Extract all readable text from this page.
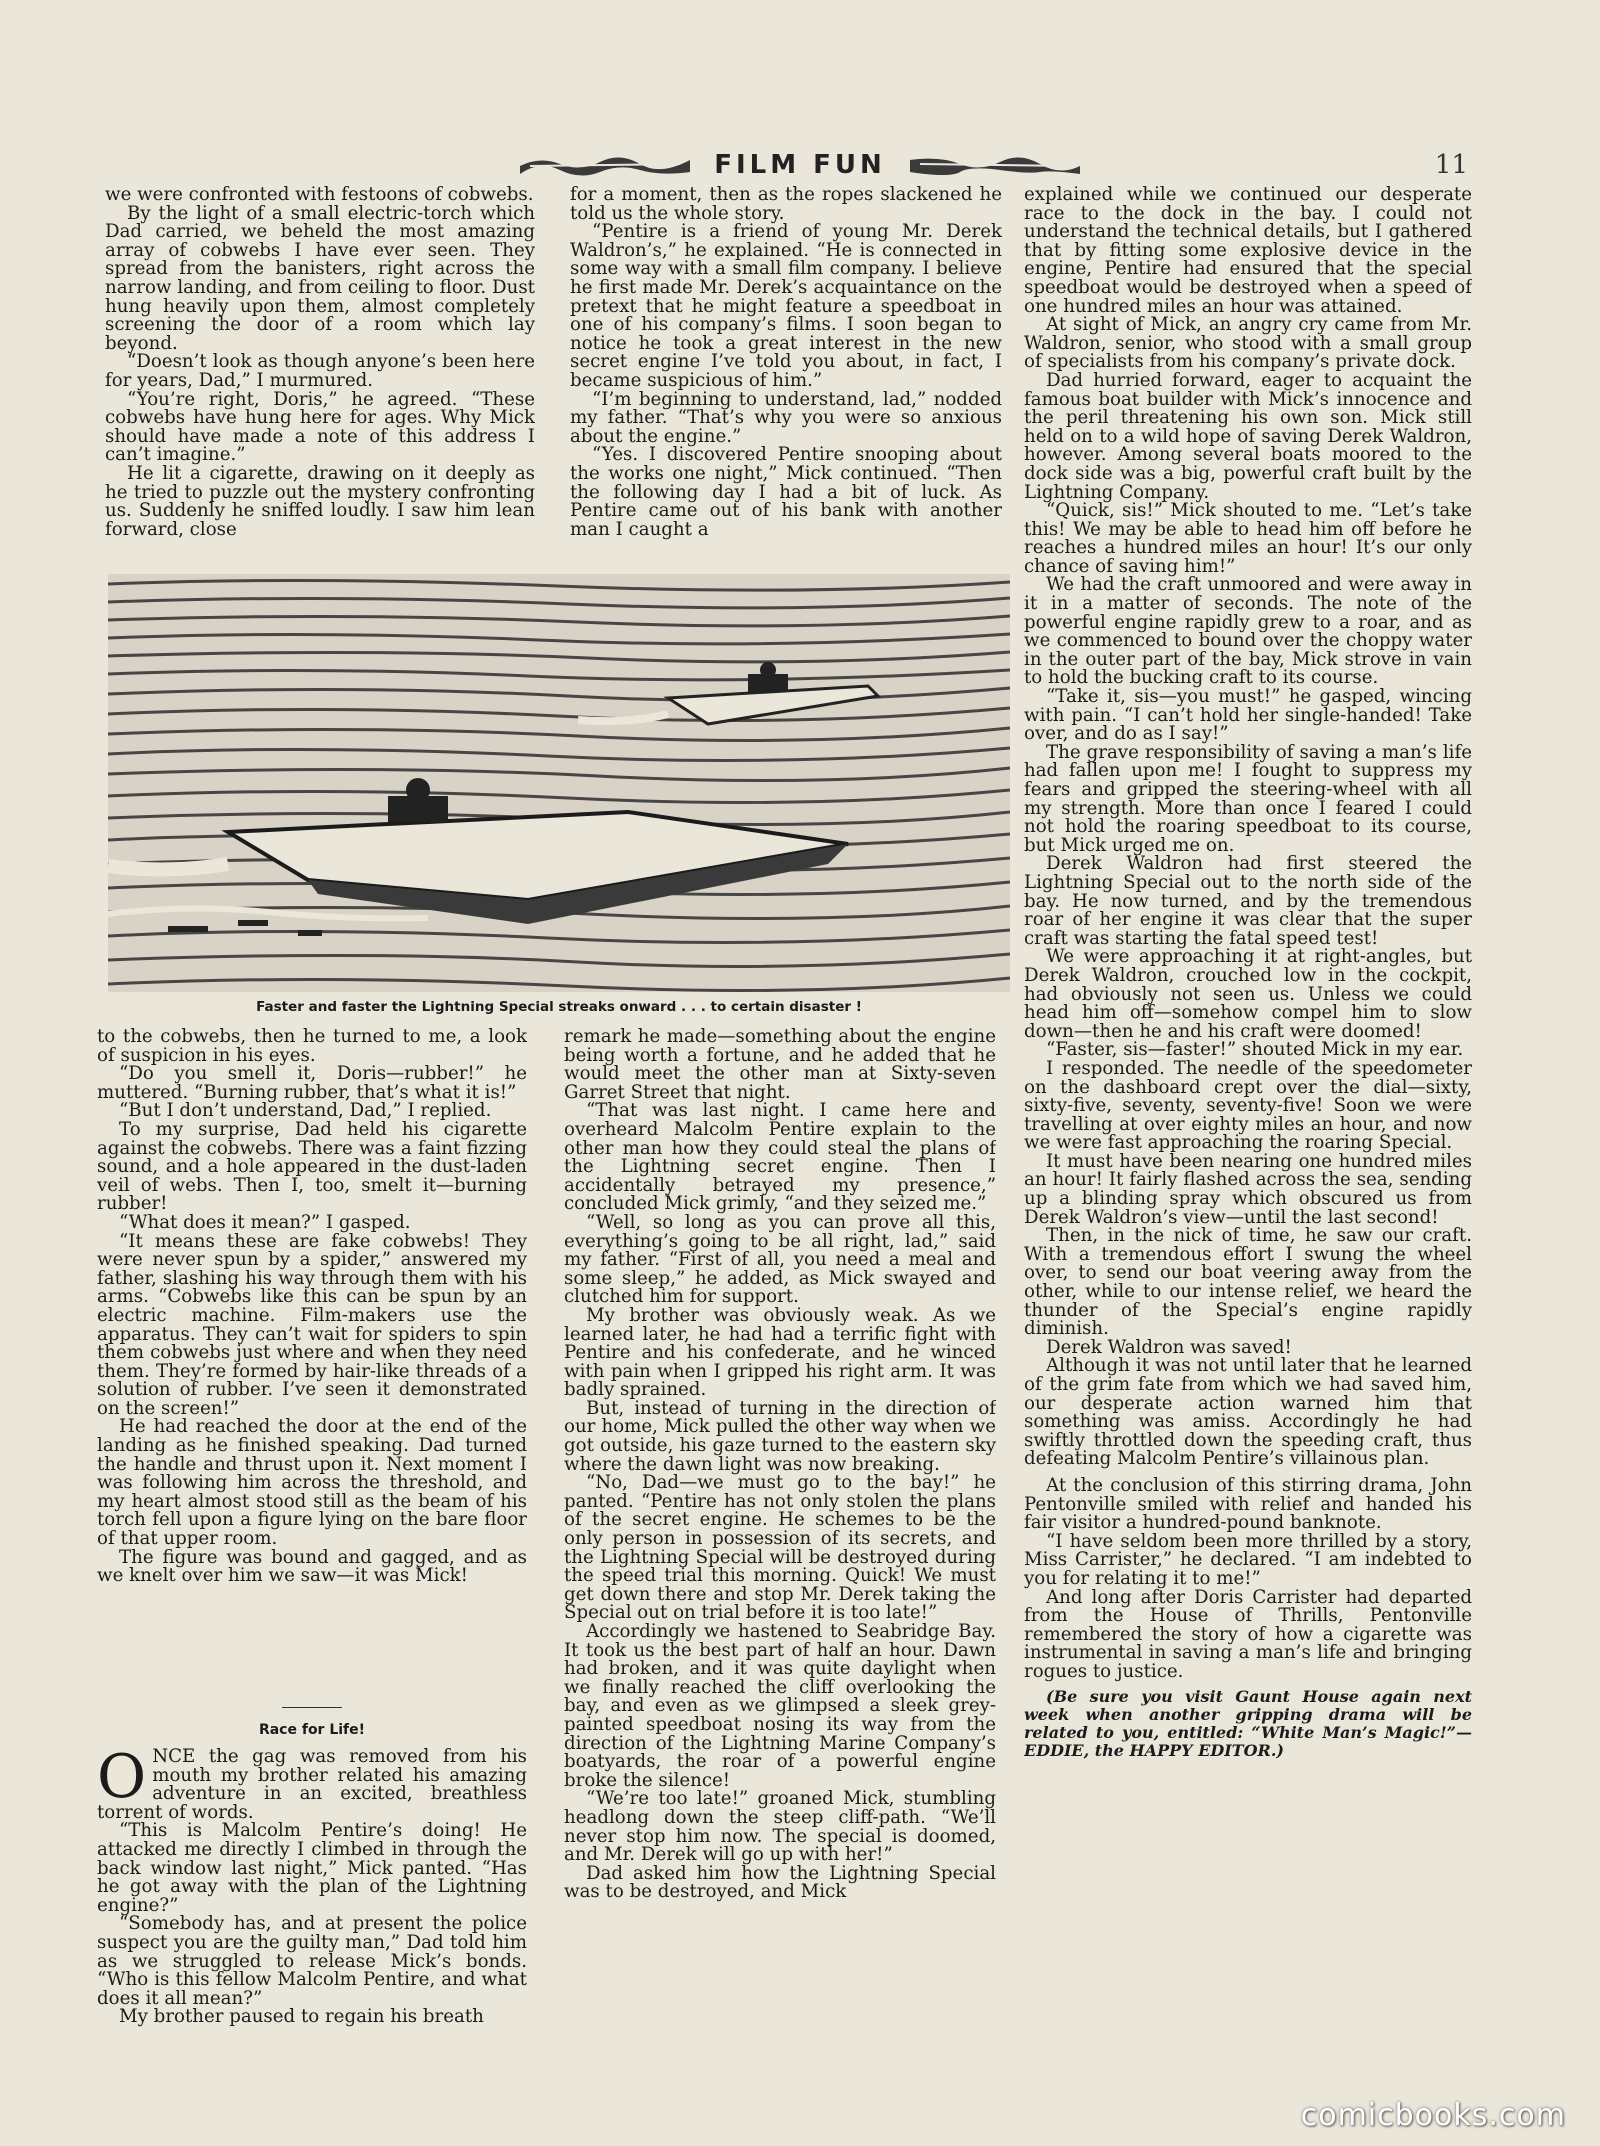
FILM FUN	11

we were confronted with festoons of cobwebs.

By the light of a small electric-torch which Dad carried, we beheld the most amazing array of cobwebs I have ever seen. They spread from the banisters, right across the narrow landing, and from ceiling to floor. Dust hung heavily upon them, almost completely screening the door of a room which lay beyond.

“Doesn’t look as though anyone’s been here for years, Dad,” I murmured.

“You’re right, Doris,” he agreed. “These cobwebs have hung here for ages. Why Mick should have made a note of this address I can’t imagine.”

He lit a cigarette, drawing on it deeply as he tried to puzzle out the mystery confronting us. Suddenly he sniffed loudly. I saw him lean forward, close

for a moment, then as the ropes slackened he told us the whole story.

“Pentire is a friend of young Mr. Derek Waldron’s,” he explained. “He is connected in some way with a small film company. I believe he first made Mr. Derek’s acquaintance on the pretext that he might feature a speedboat in one of his company’s films. I soon began to notice he took a great interest in the new secret engine I’ve told you about, in fact, I became suspicious of him.”

“I’m beginning to understand, lad,” nodded my father. “That’s why you were so anxious about the engine.”

“Yes. I discovered Pentire snooping about the works one night,” Mick continued. “Then the following day I had a bit of luck. As Pentire came out of his bank with another man I caught a

explained while we continued our desperate race to the dock in the bay. I could not understand the technical details, but I gathered that by fitting some explosive device in the engine, Pentire had ensured that the special speedboat would be destroyed when a speed of one hundred miles an hour was attained.

At sight of Mick, an angry cry came from Mr. Waldron, senior, who stood with a small group of specialists from his company’s private dock.

Dad hurried forward, eager to acquaint the famous boat builder with Mick’s innocence and the peril threatening his own son. Mick still held on to a wild hope of saving Derek Waldron, however. Among several boats moored to the dock side was a big, powerful craft built by the Lightning Company.

“Quick, sis!” Mick shouted to me. “Let’s take this! We may be able to head him off before he reaches a hundred miles an hour! It’s our only chance of saving him!”

We had the craft unmoored and were away in it in a matter of seconds. The note of the powerful engine rapidly grew to a roar, and as we commenced to bound over the choppy water in the outer part of the bay, Mick strove in vain to hold the bucking craft to its course.

“Take it, sis—you must!” he gasped, wincing with pain. “I can’t hold her single-handed! Take over, and do as I say!”

The grave responsibility of saving a man’s life had fallen upon me! I fought to suppress my fears and gripped the steering-wheel with all my strength. More than once I feared I could not hold the roaring speedboat to its course, but Mick urged me on.

Derek Waldron had first steered the Lightning Special out to the north side of the bay. He now turned, and by the tremendous roar of her engine it was clear that the super craft was starting the fatal speed test!

We were approaching it at right-angles, but Derek Waldron, crouched low in the cockpit, had obviously not seen us. Unless we could head him off—somehow compel him to slow down—then he and his craft were doomed!

“Faster, sis—faster!” shouted Mick in my ear.

I responded. The needle of the speedometer on the dashboard crept over the dial—sixty, sixty-five, seventy, seventy-five! Soon we were travelling at over eighty miles an hour, and now we were fast approaching the roaring Special.

It must have been nearing one hundred miles an hour! It fairly flashed across the sea, sending up a blinding spray which obscured us from Derek Waldron’s view—until the last second!

Then, in the nick of time, he saw our craft. With a tremendous effort I swung the wheel over, to send our boat veering away from the other, while to our intense relief, we heard the thunder of the Special’s engine rapidly diminish.

Derek Waldron was saved!

Although it was not until later that he learned of the grim fate from which we had saved him, our desperate action warned him that something was amiss. Accordingly he had swiftly throttled down the speeding craft, thus defeating Malcolm Pentire’s villainous plan.

At the conclusion of this stirring drama, John Pentonville smiled with relief and handed his fair visitor a hundred-pound banknote.

“I have seldom been more thrilled by a story, Miss Carrister,” he declared. “I am indebted to you for relating it to me!”

And long after Doris Carrister had departed from the House of Thrills, Pentonville remembered the story of how a cigarette was instrumental in saving a man’s life and bringing rogues to justice.

(Be sure you visit Gaunt House again next week when another gripping drama will be related to you, entitled: “White Man’s Magic!”—EDDIE, the HAPPY EDITOR.)

Faster and faster the Lightning Special streaks onward . . . to certain disaster !

to the cobwebs, then he turned to me, a look of suspicion in his eyes.

“Do you smell it, Doris—rubber!” he muttered. “Burning rubber, that’s what it is!”

“But I don’t understand, Dad,” I replied.

To my surprise, Dad held his cigarette against the cobwebs. There was a faint fizzing sound, and a hole appeared in the dust-laden veil of webs. Then I, too, smelt it—burning rubber!

“What does it mean?” I gasped.

“It means these are fake cobwebs! They were never spun by a spider,” answered my father, slashing his way through them with his arms. “Cobwebs like this can be spun by an electric machine. Film-makers use the apparatus. They can’t wait for spiders to spin them cobwebs just where and when they need them. They’re formed by hair-like threads of a solution of rubber. I’ve seen it demonstrated on the screen!”

He had reached the door at the end of the landing as he finished speaking. Dad turned the handle and thrust upon it. Next moment I was following him across the threshold, and my heart almost stood still as the beam of his torch fell upon a figure lying on the bare floor of that upper room.

The figure was bound and gagged, and as we knelt over him we saw—it was Mick!

Race for Life!

ONCE the gag was removed from his mouth my brother related his amazing adventure in an excited, breathless torrent of words.

“This is Malcolm Pentire’s doing! He attacked me directly I climbed in through the back window last night,” Mick panted. “Has he got away with the plan of the Lightning engine?”

“Somebody has, and at present the police suspect you are the guilty man,” Dad told him as we struggled to release Mick’s bonds. “Who is this fellow Malcolm Pentire, and what does it all mean?”

My brother paused to regain his breath

remark he made—something about the engine being worth a fortune, and he added that he would meet the other man at Sixty-seven Garret Street that night.

“That was last night. I came here and overheard Malcolm Pentire explain to the other man how they could steal the plans of the Lightning secret engine. Then I accidentally betrayed my presence,” concluded Mick grimly, “and they seized me.”

“Well, so long as you can prove all this, everything’s going to be all right, lad,” said my father. “First of all, you need a meal and some sleep,” he added, as Mick swayed and clutched him for support.

My brother was obviously weak. As we learned later, he had had a terrific fight with Pentire and his confederate, and he winced with pain when I gripped his right arm. It was badly sprained.

But, instead of turning in the direction of our home, Mick pulled the other way when we got outside, his gaze turned to the eastern sky where the dawn light was now breaking.

“No, Dad—we must go to the bay!” he panted. “Pentire has not only stolen the plans of the secret engine. He schemes to be the only person in possession of its secrets, and the Lightning Special will be destroyed during the speed trial this morning. Quick! We must get down there and stop Mr. Derek taking the Special out on trial before it is too late!”

Accordingly we hastened to Seabridge Bay. It took us the best part of half an hour. Dawn had broken, and it was quite daylight when we finally reached the cliff overlooking the bay, and even as we glimpsed a sleek grey-painted speedboat nosing its way from the direction of the Lightning Marine Company’s boatyards, the roar of a powerful engine broke the silence!

“We’re too late!” groaned Mick, stumbling headlong down the steep cliff-path. “We’ll never stop him now. The special is doomed, and Mr. Derek will go up with her!”

Dad asked him how the Lightning Special was to be destroyed, and Mick

comicbooks.com
